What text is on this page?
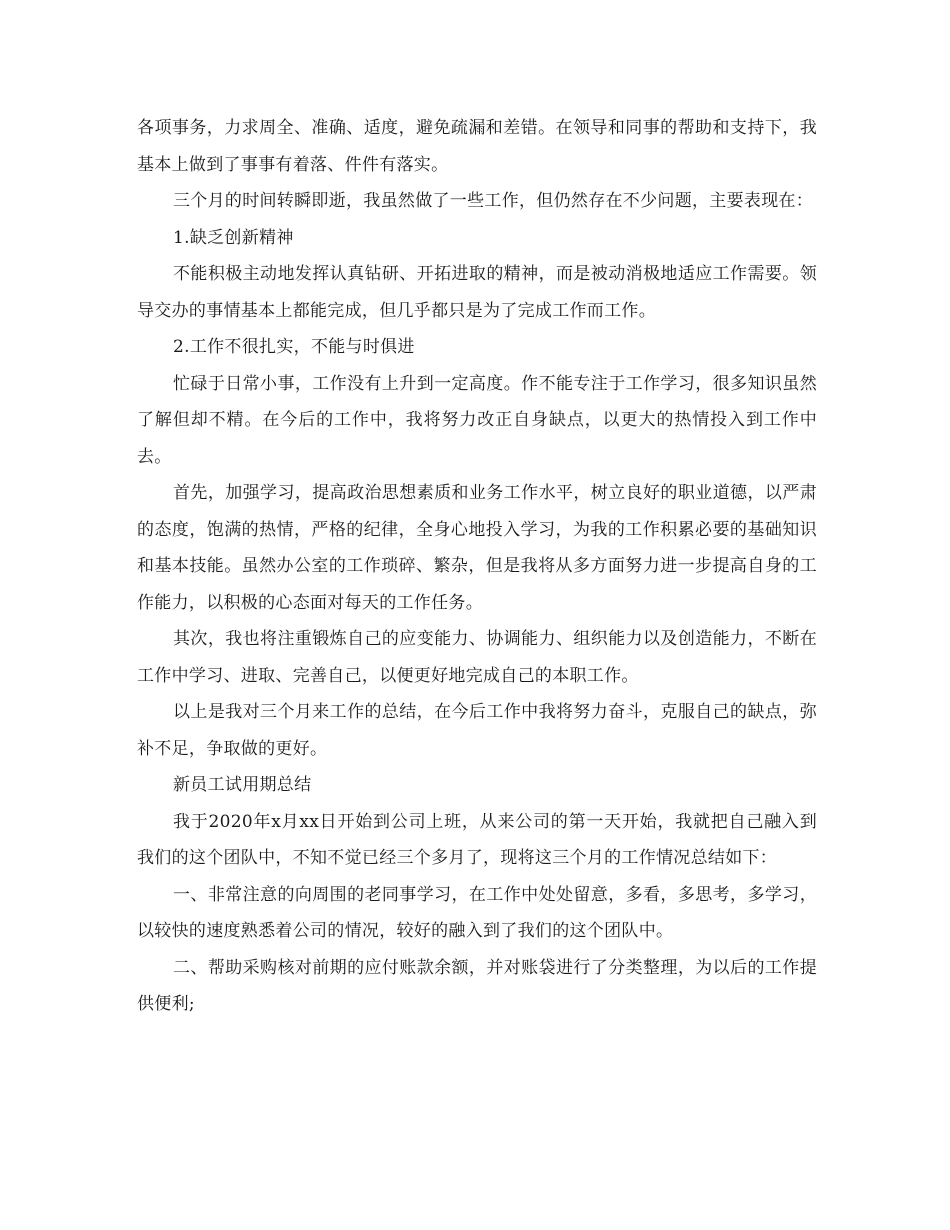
各项事务，力求周全、准确、适度，避免疏漏和差错。在领导和同事的帮助和支持下，我基本上做到了事事有着落、件件有落实。

三个月的时间转瞬即逝，我虽然做了一些工作，但仍然存在不少问题，主要表现在：

1.缺乏创新精神

不能积极主动地发挥认真钻研、开拓进取的精神，而是被动消极地适应工作需要。领导交办的事情基本上都能完成，但几乎都只是为了完成工作而工作。

2.工作不很扎实，不能与时俱进

忙碌于日常小事，工作没有上升到一定高度。作不能专注于工作学习，很多知识虽然了解但却不精。在今后的工作中，我将努力改正自身缺点，以更大的热情投入到工作中去。

首先，加强学习，提高政治思想素质和业务工作水平，树立良好的职业道德，以严肃的态度，饱满的热情，严格的纪律，全身心地投入学习，为我的工作积累必要的基础知识和基本技能。虽然办公室的工作琐碎、繁杂，但是我将从多方面努力进一步提高自身的工作能力，以积极的心态面对每天的工作任务。

其次，我也将注重锻炼自己的应变能力、协调能力、组织能力以及创造能力，不断在工作中学习、进取、完善自己，以便更好地完成自己的本职工作。

以上是我对三个月来工作的总结，在今后工作中我将努力奋斗，克服自己的缺点，弥补不足，争取做的更好。

新员工试用期总结

我于2020年x月xx日开始到公司上班，从来公司的第一天开始，我就把自己融入到我们的这个团队中，不知不觉已经三个多月了，现将这三个月的工作情况总结如下：

一、非常注意的向周围的老同事学习，在工作中处处留意，多看，多思考，多学习，以较快的速度熟悉着公司的情况，较好的融入到了我们的这个团队中。

二、帮助采购核对前期的应付账款余额，并对账袋进行了分类整理，为以后的工作提供便利;
